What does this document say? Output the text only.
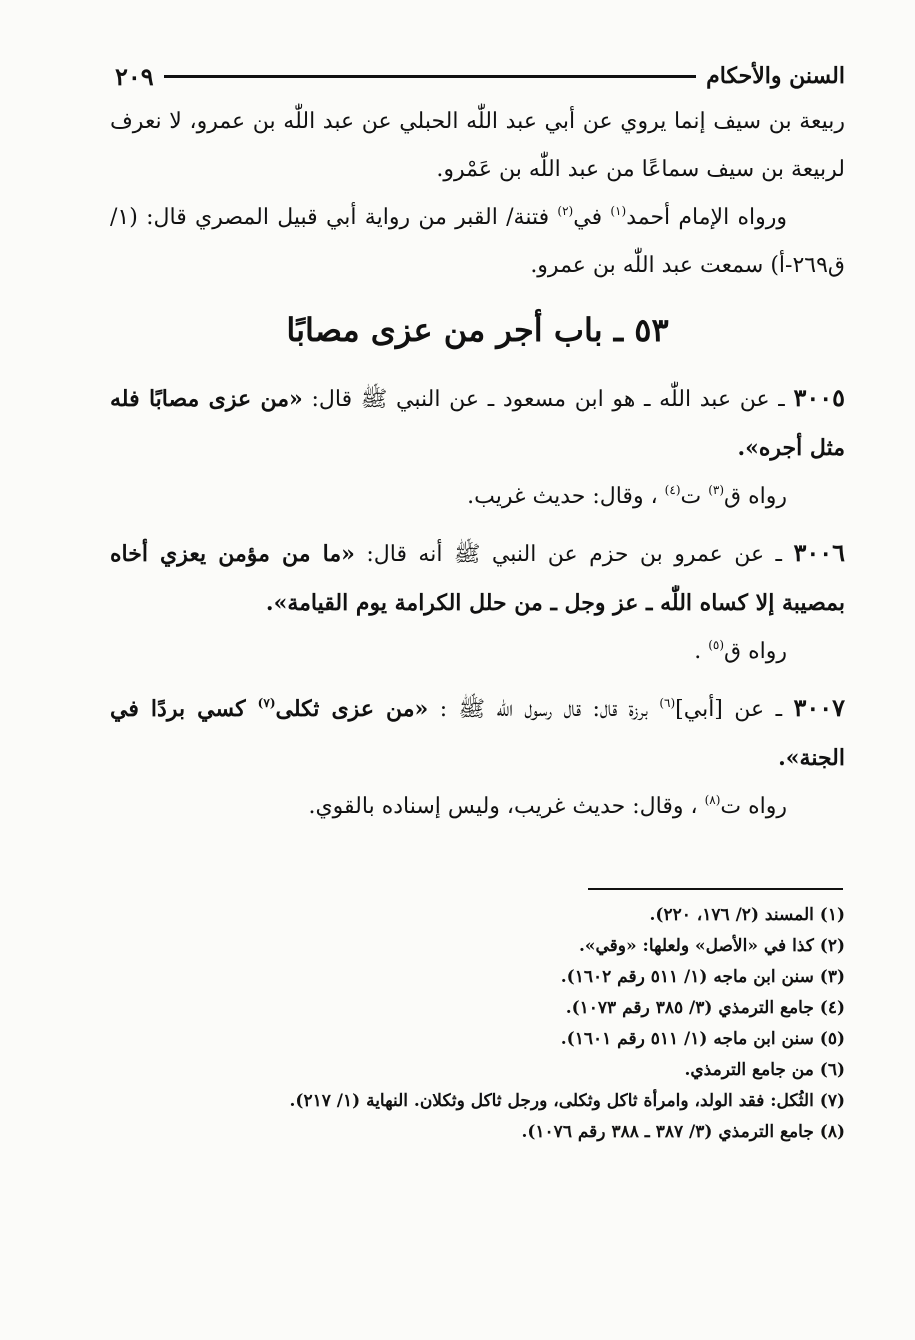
السنن والأحكام
٢٠٩

ربيعة بن سيف إنما يروي عن أبي عبد اللّٰه الحبلي عن عبد اللّٰه بن عمرو، لا نعرف لربيعة بن سيف سماعًا من عبد اللّٰه بن عَمْرو.

ورواه الإمام أحمد$^{(١)}$ في$^{(٢)}$ فتنة/ القبر من رواية أبي قبيل المصري قال: (١/ق٢٦٩-أ) سمعت عبد اللّٰه بن عمرو.

٥٣ ـ باب أجر من عزى مصابًا

٣٠٠٥ ـ عن عبد اللّٰه ـ هو ابن مسعود ـ عن النبي ﷺ قال: «من عزى مصابًا فله مثل أجره».

رواه ق$^{(٣)}$ ت$^{(٤)}$ ، وقال: حديث غريب.

٣٠٠٦ ـ عن عمرو بن حزم عن النبي ﷺ أنه قال: «ما من مؤمن يعزي أخاه بمصيبة إلا كساه اللّٰه ـ عز وجل ـ من حلل الكرامة يوم القيامة».

رواه ق$^{(٥)}$ .

٣٠٠٧ ـ عن [أبي]$^{(٦)}$ برزة قال: قال رسول اللّٰه ﷺ : «من عزى ثكلى$^{(٧)}$ كسي بردًا في الجنة».

رواه ت$^{(٨)}$ ، وقال: حديث غريب، وليس إسناده بالقوي.

(١) المسند (٢/ ١٧٦، ٢٢٠).

(٢) كذا في «الأصل» ولعلها: «وقي».

(٣) سنن ابن ماجه (١/ ٥١١ رقم ١٦٠٢).

(٤) جامع الترمذي (٣/ ٣٨٥ رقم ١٠٧٣).

(٥) سنن ابن ماجه (١/ ٥١١ رقم ١٦٠١).

(٦) من جامع الترمذي.

(٧) الثُكل: فقد الولد، وامرأة ثاكل وثكلى، ورجل ثاكل وثكلان. النهاية (١/ ٢١٧).

(٨) جامع الترمذي (٣/ ٣٨٧ ـ ٣٨٨ رقم ١٠٧٦).
